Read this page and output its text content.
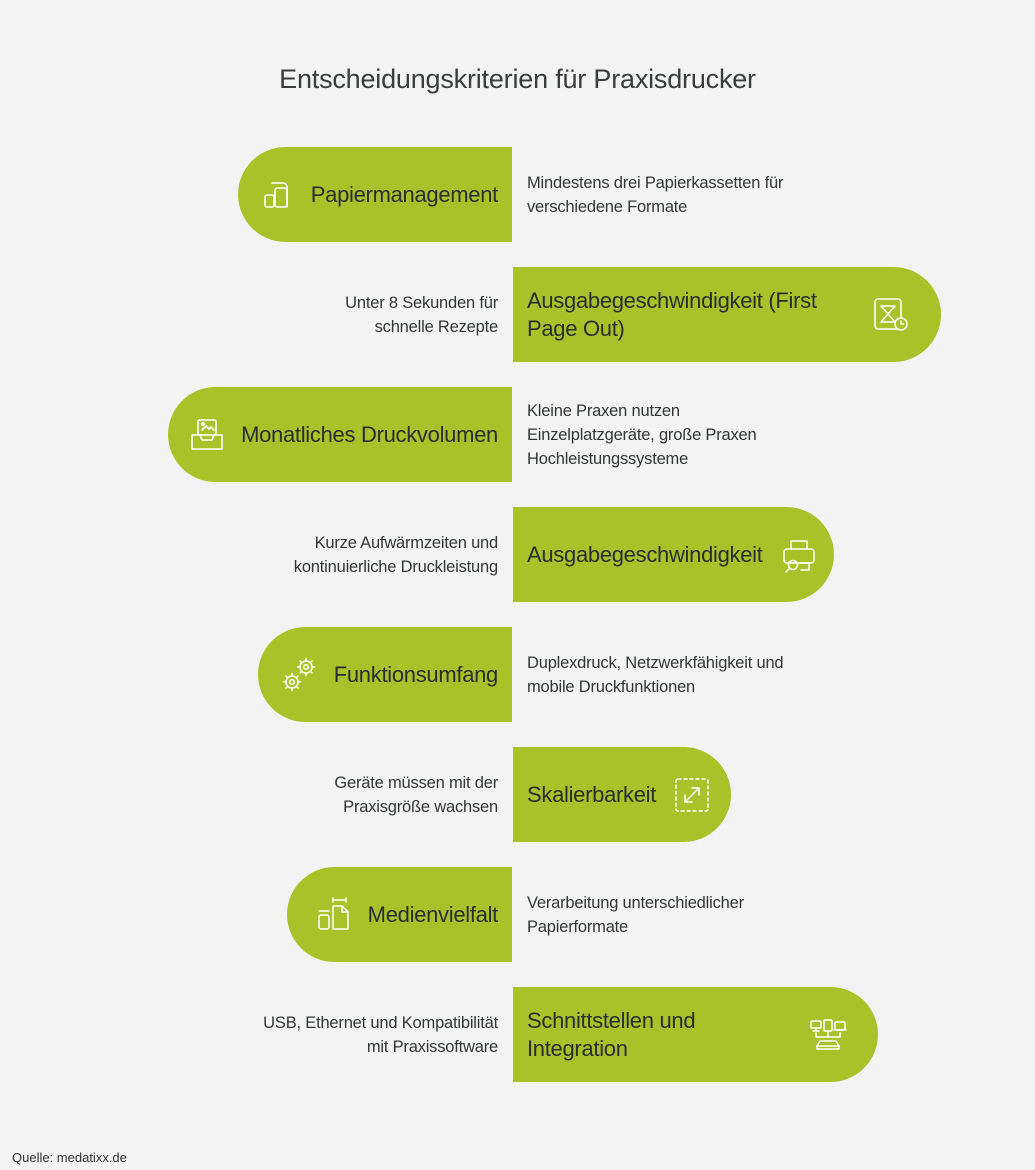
Entscheidungskriterien für Praxisdrucker
Papiermanagement Mindestens drei Papierkassetten für verschiedene Formate
Ausgabegeschwindigkeit (First Page Out)
Unter 8 Sekunden für schnelle Rezepte
Monatliches Druckvolumen
Kleine Praxen nutzen Einzelplatzgeräte, große Praxen Hochleistungssysteme
Ausgabegeschwindigkeit
Kurze Aufwärmzeiten und kontinuierliche Druckleistung
Funktionsumfang Duplexdruck, Netzwerkfähigkeit und mobile Druckfunktionen
Skalierbarkeit
Geräte müssen mit der Praxisgröße wachsen
Medienvielfalt Verarbeitung unterschiedlicher Papierformate
Schnittstellen und Integration
USB, Ethernet und Kompatibilität mit Praxissoftware
Quelle: medatixx.de
